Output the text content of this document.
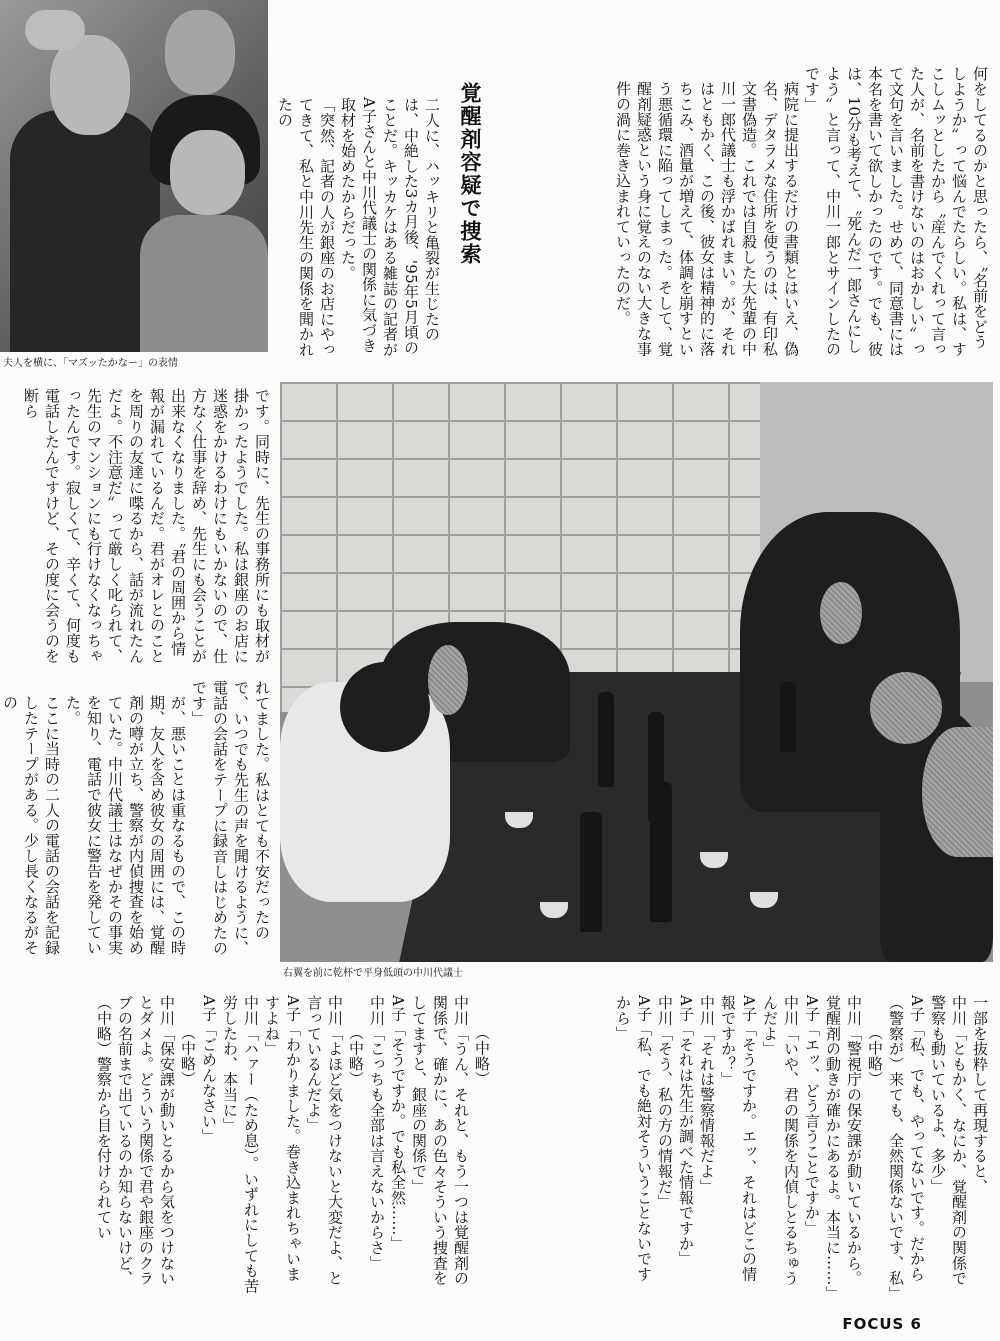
夫人を横に、「マズッたかなー」の表情
右翼を前に乾杯で平身低頭の中川代議士
覚醒剤容疑で捜索	何をしてるのかと思ったら、〝名前をどうしようか〟って悩んでたらしい。私は、すこしムッとしたから〝産んでくれって言った人が、名前を書けないのはおかしい〟って文句を言いました。せめて、同意書には本名を書いて欲しかったのです。でも、彼は、10分も考えて、〝死んだ一郎さんにしよう〟と言って、中川一郎とサインしたのです」
病院に提出するだけの書類とはいえ、偽名、デタラメな住所を使うのは、有印私文書偽造。これでは自殺した大先輩の中川一郎代議士も浮かばれまい。が、それはともかく、この後、彼女は精神的に落ちこみ、酒量が増えて、体調を崩すという悪循環に陥ってしまった。そして、覚醒剤疑惑という身に覚えのない大きな事件の渦に巻き込まれていったのだ。
二人に、ハッキリと亀裂が生じたのは、中絶した3カ月後、'95年5月頃のことだ。キッカケはある雑誌の記者がA子さんと中川代議士の関係に気づき取材を始めたからだった。
「突然、記者の人が銀座のお店にやってきて、私と中川先生の関係を聞かれたの
です。同時に、先生の事務所にも取材が掛かったようでした。私は銀座のお店に迷惑をかけるわけにもいかないので、仕方なく仕事を辞め、先生にも会うことが出来なくなりました。〝君の周囲から情報が漏れているんだ。君がオレとのことを周りの友達に喋るから、話が流れたんだよ。不注意だ〟って厳しく叱られて、先生のマンションにも行けなくなっちゃったんです。寂しくて、辛くて、何度も電話したんですけど、その度に会うのを断ら
れてました。私はとても不安だったので、いつでも先生の声を聞けるように、電話の会話をテープに録音しはじめたのです」
が、悪いことは重なるもので、この時期、友人を含め彼女の周囲には、覚醒剤の噂が立ち、警察が内偵捜査を始めていた。中川代議士はなぜかその事実を知り、電話で彼女に警告を発していた。
ここに当時の二人の電話の会話を記録したテープがある。少し長くなるがその
一部を抜粋して再現すると、
中川「ともかく、なにか、覚醒剤の関係で警察も動いているよ、多少」
A子「私、でも、やってないです。だから（警察が）来ても、全然関係ないです、私」
（中略）
中川「警視庁の保安課が動いているから。覚醒剤の動きが確かにあるよ。本当に……」
A子「エッ、どう言うことですか」
中川「いや、君の関係を内偵しとるちゅうんだよ」
A子「そうですか。エッ、それはどこの情報ですか？」
中川「それは警察情報だよ」
A子「それは先生が調べた情報ですか」
中川「そう、私の方の情報だ」
A子「私、でも絶対そういうことないですから」
（中略）
中川「うん、それと、もう一つは覚醒剤の関係で、確かに、あの色々そういう捜査をしてますと、銀座の関係で」
A子「そうですか。でも私全然……」
中川「こっちも全部は言えないからさ」
（中略）
中川「よほど気をつけないと大変だよ、と言っているんだよ」
A子「わかりました。巻き込まれちゃいますよね」
中川「ハァー（ため息）。いずれにしても苦労したわ、本当に」
A子「ごめんなさい」
（中略）
中川「保安課が動いとるから気をつけないとダメよ。どういう関係で君や銀座のクラブの名前まで出ているのか知らないけど、（中略）警察から目を付けられてい
FOCUS 6
